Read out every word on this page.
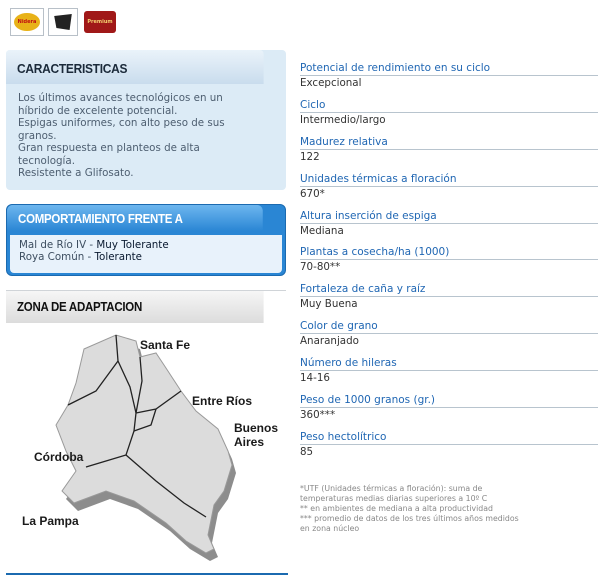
Nidera	Premium
CARACTERISTICAS
Los últimos avances tecnológicos en un
híbrido de excelente potencial.
Espigas uniformes, con alto peso de sus
granos.
Gran respuesta en planteos de alta
tecnología.
Resistente a Glifosato.
COMPORTAMIENTO FRENTE A
Mal de Río IV - Muy Tolerante
Roya Común - Tolerante
ZONA DE ADAPTACION
Santa Fe
Entre Ríos
Buenos
Aires
Córdoba
La Pampa
Potencial de rendimiento en su ciclo
Excepcional
Ciclo
Intermedio/largo
Madurez relativa
122
Unidades térmicas a floración
670*
Altura inserción de espiga
Mediana
Plantas a cosecha/ha (1000)
70-80**
Fortaleza de caña y raíz
Muy Buena
Color de grano
Anaranjado
Número de hileras
14-16
Peso de 1000 granos (gr.)
360***
Peso hectolítrico
85
*UTF (Unidades térmicas a floración): suma de
temperaturas medias diarias superiores a 10º C
** en ambientes de mediana a alta productividad
*** promedio de datos de los tres últimos años medidos
en zona núcleo
